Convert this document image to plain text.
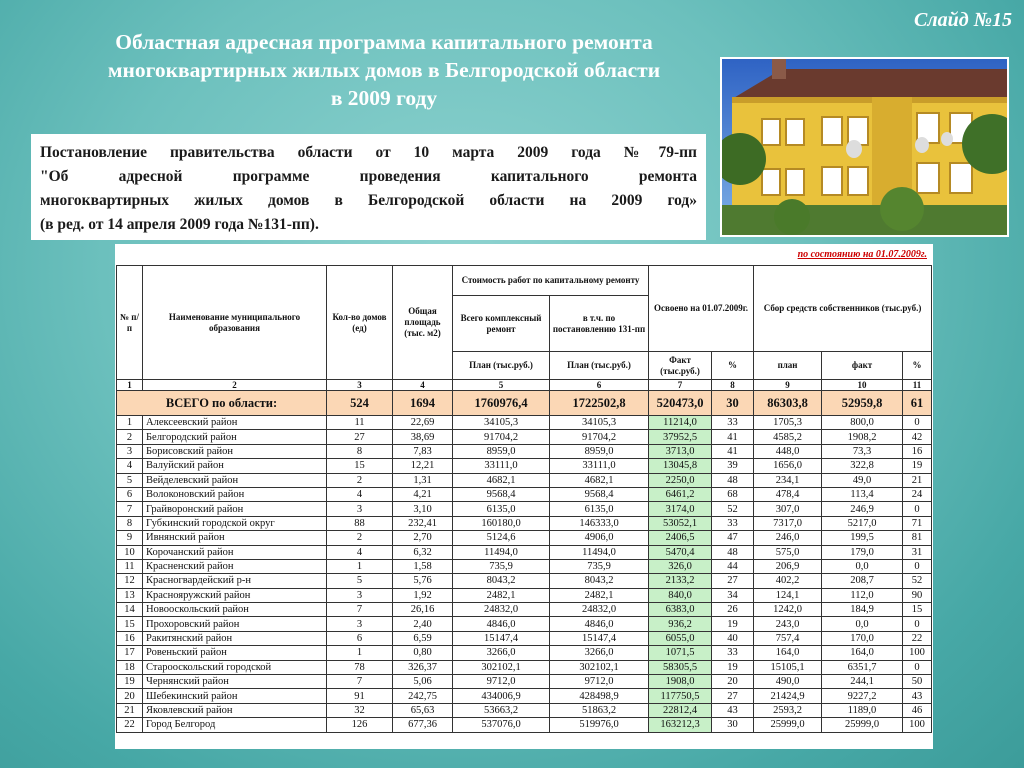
Слайд №15
Областная адресная программа капитального ремонта
многоквартирных жилых домов в Белгородской области
в 2009 году
Постановление правительства области от 10 марта 2009 года №79-пп
"Об адресной программе проведения капитального ремонта
многоквартирных жилых домов в Белгородской области на 2009 год»
(в ред. от 14 апреля 2009 года №131-пп).
по состоянию на 01.07.2009г.
№ п/п	Наименование муниципального образования	Кол-во домов (ед)	Общая площадь (тыс. м2)	Стоимость работ по капитальному ремонту		Освоено на 01.07.2009г.		Сбор средств собственников (тыс.руб.)		
				Всего комплексный ремонт	в т.ч. по постановлению 131-пп					
				План (тыс.руб.)	План (тыс.руб.)	Факт (тыс.руб.)	%	план	факт	%
1	2	3	4	5	6	7	8	9	10	11
ВСЕГО по области:		524	1694	1760976,4	1722502,8	520473,0	30	86303,8	52959,8	61
1	Алексеевский район	11	22,69	34105,3	34105,3	11214,0	33	1705,3	800,0	0
2	Белгородский район	27	38,69	91704,2	91704,2	37952,5	41	4585,2	1908,2	42
3	Борисовский район	8	7,83	8959,0	8959,0	3713,0	41	448,0	73,3	16
4	Валуйский район	15	12,21	33111,0	33111,0	13045,8	39	1656,0	322,8	19
5	Вейделевский район	2	1,31	4682,1	4682,1	2250,0	48	234,1	49,0	21
6	Волоконовский район	4	4,21	9568,4	9568,4	6461,2	68	478,4	113,4	24
7	Грайворонский район	3	3,10	6135,0	6135,0	3174,0	52	307,0	246,9	0
8	Губкинский городской округ	88	232,41	160180,0	146333,0	53052,1	33	7317,0	5217,0	71
9	Ивнянский район	2	2,70	5124,6	4906,0	2406,5	47	246,0	199,5	81
10	Корочанский район	4	6,32	11494,0	11494,0	5470,4	48	575,0	179,0	31
11	Красненский район	1	1,58	735,9	735,9	326,0	44	206,9	0,0	0
12	Красногвардейский р-н	5	5,76	8043,2	8043,2	2133,2	27	402,2	208,7	52
13	Краснояружский район	3	1,92	2482,1	2482,1	840,0	34	124,1	112,0	90
14	Новооскольский район	7	26,16	24832,0	24832,0	6383,0	26	1242,0	184,9	15
15	Прохоровский район	3	2,40	4846,0	4846,0	936,2	19	243,0	0,0	0
16	Ракитянский район	6	6,59	15147,4	15147,4	6055,0	40	757,4	170,0	22
17	Ровеньский район	1	0,80	3266,0	3266,0	1071,5	33	164,0	164,0	100
18	Старооскольский городской	78	326,37	302102,1	302102,1	58305,5	19	15105,1	6351,7	0
19	Чернянский район	7	5,06	9712,0	9712,0	1908,0	20	490,0	244,1	50
20	Шебекинский район	91	242,75	434006,9	428498,9	117750,5	27	21424,9	9227,2	43
21	Яковлевский район	32	65,63	53663,2	51863,2	22812,4	43	2593,2	1189,0	46
22	Город Белгород	126	677,36	537076,0	519976,0	163212,3	30	25999,0	25999,0	100
